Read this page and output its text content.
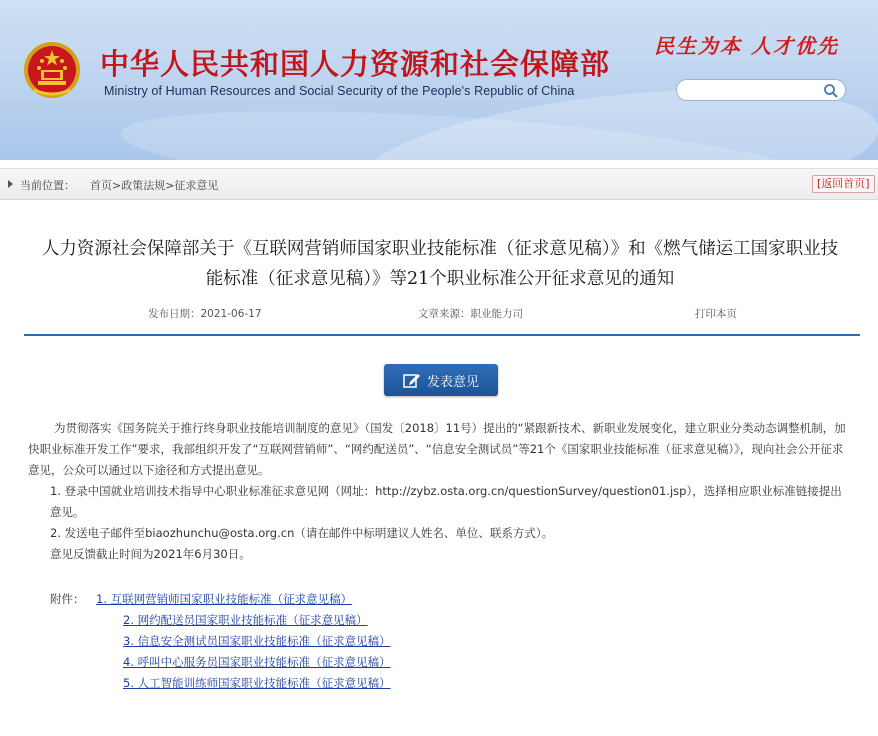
中华人民共和国人力资源和社会保障部

Ministry of Human Resources and Social Security of the People's Republic of China

民生为本 人才优先
当前位置： 首页>政策法规>征求意见	[返回首页]
人力资源社会保障部关于《互联网营销师国家职业技能标准（征求意见稿）》和《燃气储运工国家职业技能标准（征求意见稿）》等21个职业标准公开征求意见的通知
发布日期：2021-06-17	文章来源：职业能力司	打印本页
发表意见

为贯彻落实《国务院关于推行终身职业技能培训制度的意见》（国发〔2018〕11号）提出的“紧跟新技术、新职业发展变化，建立职业分类动态调整机制，加快职业标准开发工作”要求，我部组织开发了“互联网营销师”、“网约配送员”、“信息安全测试员”等21个《国家职业技能标准（征求意见稿）》，现向社会公开征求意见，公众可以通过以下途径和方式提出意见。

1. 登录中国就业培训技术指导中心职业标准征求意见网（网址：http://zybz.osta.org.cn/questionSurvey/question01.jsp），选择相应职业标准链接提出意见。

2. 发送电子邮件至biaozhunchu@osta.org.cn（请在邮件中标明建议人姓名、单位、联系方式）。

意见反馈截止时间为2021年6月30日。

附件： 1. 互联网营销师国家职业技能标准（征求意见稿）
2. 网约配送员国家职业技能标准（征求意见稿）
3. 信息安全测试员国家职业技能标准（征求意见稿）
4. 呼叫中心服务员国家职业技能标准（征求意见稿）
5. 人工智能训练师国家职业技能标准（征求意见稿）
